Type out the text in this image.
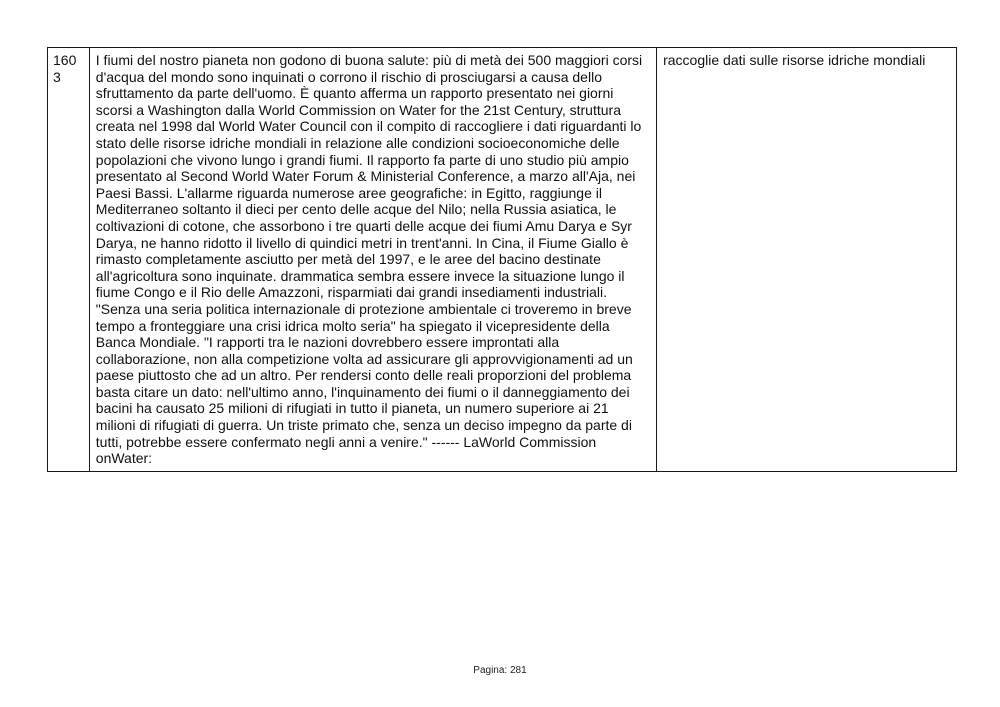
1603	I fiumi del nostro pianeta non godono di buona salute: più di metà dei 500 maggiori corsi d'acqua del mondo sono inquinati o corrono il rischio di prosciugarsi a causa dello sfruttamento da parte dell'uomo. È quanto afferma un rapporto presentato nei giorni scorsi a Washington dalla World Commission on Water for the 21st Century, struttura creata nel 1998 dal World Water Council con il compito di raccogliere i dati riguardanti lo stato delle risorse idriche mondiali in relazione alle condizioni socioeconomiche delle popolazioni che vivono lungo i grandi fiumi. Il rapporto fa parte di uno studio più ampio presentato al Second World Water Forum & Ministerial Conference, a marzo all'Aja, nei Paesi Bassi. L'allarme riguarda numerose aree geografiche: in Egitto, raggiunge il Mediterraneo soltanto il dieci per cento delle acque del Nilo; nella Russia asiatica, le coltivazioni di cotone, che assorbono i tre quarti delle acque dei fiumi Amu Darya e Syr Darya, ne hanno ridotto il livello di quindici metri in trent'anni. In Cina, il Fiume Giallo è rimasto completamente asciutto per metà del 1997, e le aree del bacino destinate all'agricoltura sono inquinate. drammatica sembra essere invece la situazione lungo il fiume Congo e il Rio delle Amazzoni, risparmiati dai grandi insediamenti industriali. "Senza una seria politica internazionale di protezione ambientale ci troveremo in breve tempo a fronteggiare una crisi idrica molto seria" ha spiegato il vicepresidente della Banca Mondiale. "I rapporti tra le nazioni dovrebbero essere improntati alla collaborazione, non alla competizione volta ad assicurare gli approvvigionamenti ad un paese piuttosto che ad un altro. Per rendersi conto delle reali proporzioni del problema basta citare un dato: nell'ultimo anno, l'inquinamento dei fiumi o il danneggiamento dei bacini ha causato 25 milioni di rifugiati in tutto il pianeta, un numero superiore ai 21 milioni di rifugiati di guerra. Un triste primato che, senza un deciso impegno da parte di tutti, potrebbe essere confermato negli anni a venire." ------ LaWorld Commission onWater:	raccoglie dati sulle risorse idriche mondiali
Pagina: 281
